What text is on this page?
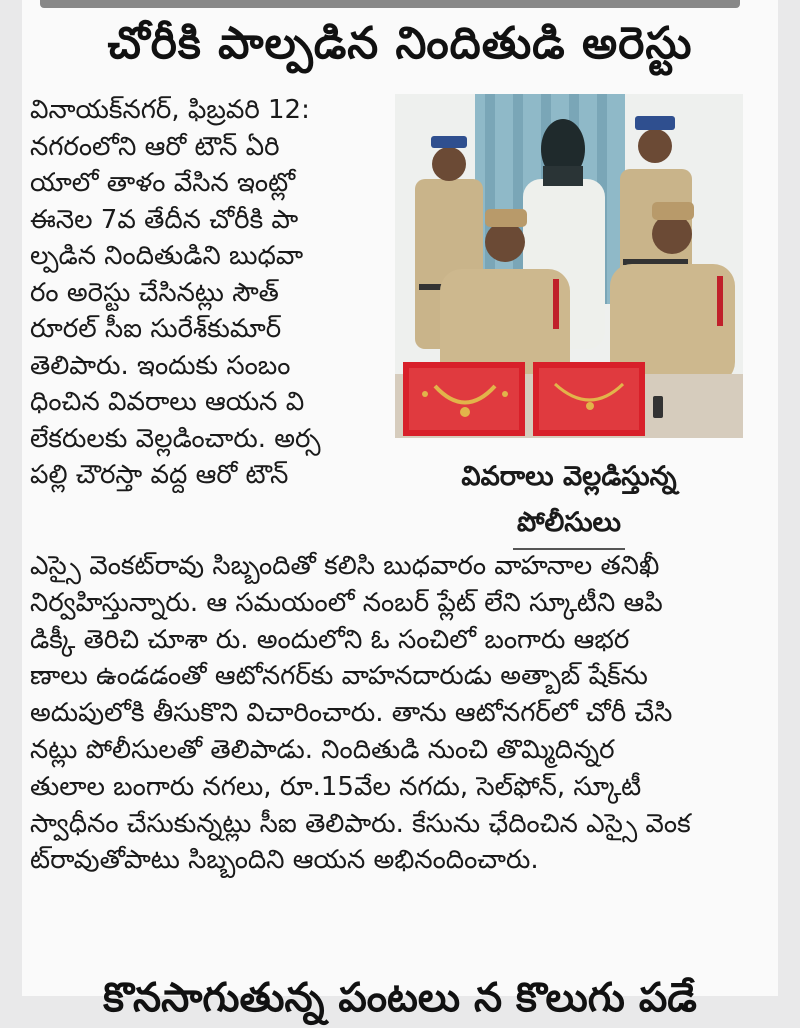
చోరీకి పాల్పడిన నిందితుడి అరెస్టు
వినాయక్‌నగర్, ఫిబ్రవరి 12:
నగరంలోని ఆరో టౌన్ ఏరి
యాలో తాళం వేసిన ఇంట్లో
ఈనెల 7వ తేదీన చోరీకి పా
ల్పడిన నిందితుడిని బుధవా
రం అరెస్టు చేసినట్లు సౌత్
రూరల్ సీఐ సురేశ్‌కుమార్
తెలిపారు. ఇందుకు సంబం
ధించిన వివరాలు ఆయన వి
లేకరులకు వెల్లడించారు. అర్స
పల్లి చౌరస్తా వద్ద ఆరో టౌన్	వివరాలు వెల్లడిస్తున్న
పోలీసులు
ఎస్సై వెంకట్‌రావు సిబ్బందితో కలిసి బుధవారం వాహనాల తనిఖీ
నిర్వహిస్తున్నారు. ఆ సమయంలో నంబర్ ప్లేట్ లేని స్కూటీని ఆపి
డిక్కీ తెరిచి చూశా రు. అందులోని ఓ సంచిలో బంగారు ఆభర
ణాలు ఉండడంతో ఆటోనగర్‌కు వాహనదారుడు అత్బాబ్ షేక్‌ను
అదుపులోకి తీసుకొని విచారించారు. తాను ఆటోనగర్‌లో చోరీ చేసి
నట్లు పోలీసులతో తెలిపాడు. నిందితుడి నుంచి తొమ్మిదిన్నర
తులాల బంగారు నగలు, రూ.15వేల నగదు, సెల్‌ఫోన్, స్కూటీ
స్వాధీనం చేసుకున్నట్లు సీఐ తెలిపారు. కేసును ఛేదించిన ఎస్సై వెంక
ట్‌రావుతోపాటు సిబ్బందిని ఆయన అభినందించారు.
కొనసాగుతున్న పంటలు న కొలుగు పడే
